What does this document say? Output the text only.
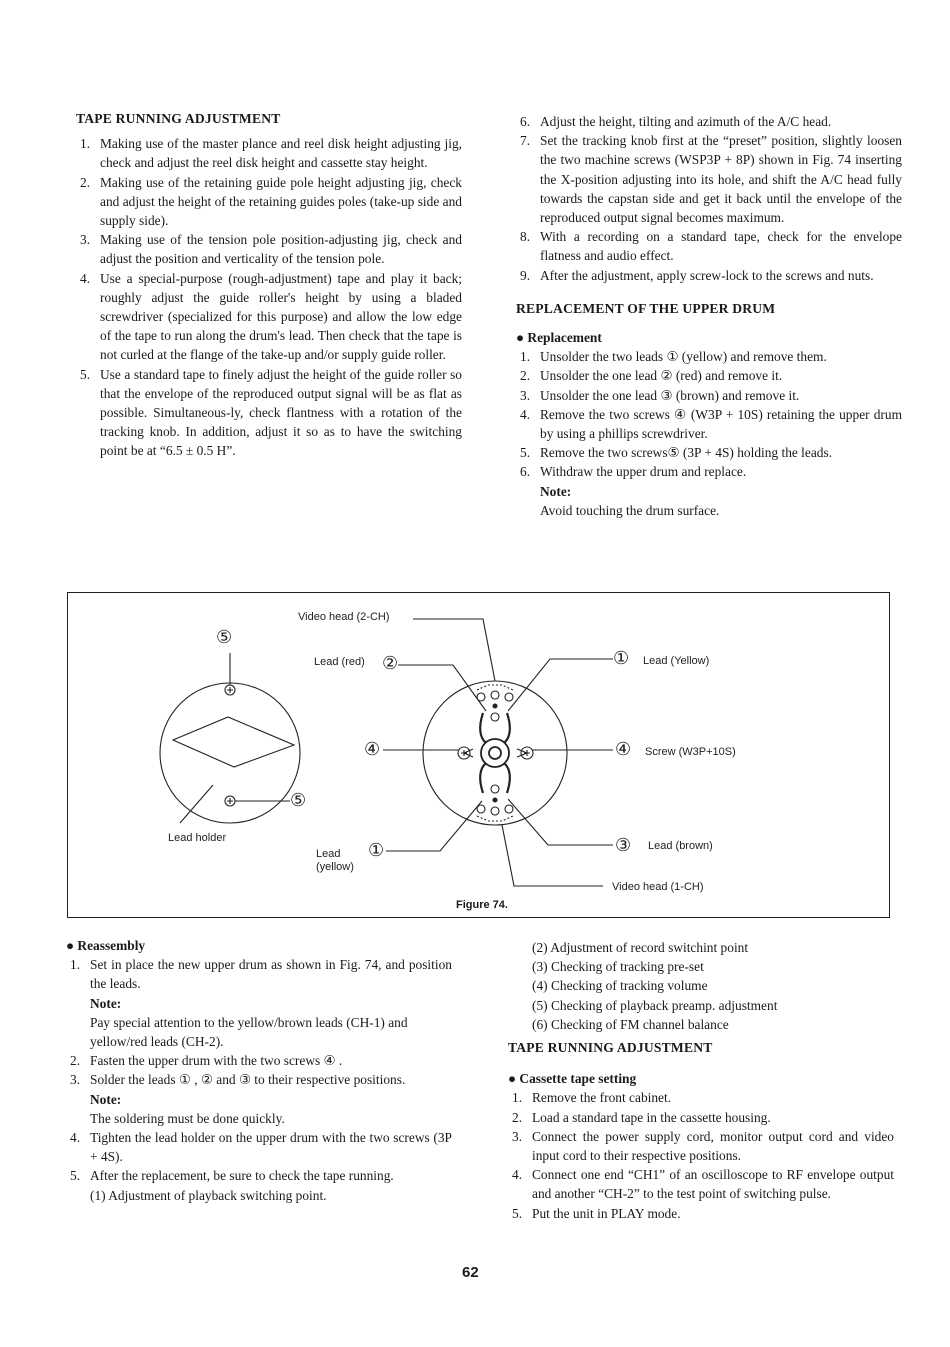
TAPE RUNNING ADJUSTMENT

1. Making use of the master plance and reel disk height adjusting jig, check and adjust the reel disk height and cassette stay height.
2. Making use of the retaining guide pole height adjusting jig, check and adjust the height of the retaining guides poles (take-up side and supply side).
3. Making use of the tension pole position-adjusting jig, check and adjust the position and verticality of the tension pole.
4. Use a special-purpose (rough-adjustment) tape and play it back; roughly adjust the guide roller's height by using a bladed screwdriver (specialized for this purpose) and allow the low edge of the tape to run along the drum's lead. Then check that the tape is not curled at the flange of the take-up and/or supply guide roller.
5. Use a standard tape to finely adjust the height of the guide roller so that the envelope of the reproduced output signal will be as flat as possible. Simultaneous-ly, check flantness with a rotation of the tracking knob. In addition, adjust it so as to have the switching point be at “6.5 ± 0.5 H”.
6. Adjust the height, tilting and azimuth of the A/C head.
7. Set the tracking knob first at the “preset” position, slightly loosen the two machine screws (WSP3P + 8P) shown in Fig. 74 inserting the X-position adjusting into its hole, and shift the A/C head fully towards the capstan side and get it back until the envelope of the reproduced output signal becomes maximum.
8. With a recording on a standard tape, check for the envelope flatness and audio effect.
9. After the adjustment, apply screw-lock to the screws and nuts.

REPLACEMENT OF THE UPPER DRUM

● Replacement

1. Unsolder the two leads ① (yellow) and remove them.
2. Unsolder the one lead ② (red) and remove it.
3. Unsolder the one lead ③ (brown) and remove it.
4. Remove the two screws ④ (W3P + 10S) retaining the upper drum by using a phillips screwdriver.
5. Remove the two screws⑤ (3P + 4S) holding the leads.
6. Withdraw the upper drum and replace.
Note:
Avoid touching the drum surface.
⑤
⑤
②	①
④	④
③
①
Video head (2-CH)
Lead (red)	Lead (Yellow)
Screw (W3P+10S)
Lead (brown)
Video head (1-CH)
Lead holder
Lead
(yellow)
Figure 74.

● Reassembly

1. Set in place the new upper drum as shown in Fig. 74, and position the leads.
Note:
Pay special attention to the yellow/brown leads (CH-1) and yellow/red leads (CH-2).
2. Fasten the upper drum with the two screws ④ .
3. Solder the leads ① , ② and ③ to their respective positions.
Note:
The soldering must be done quickly.
4. Tighten the lead holder on the upper drum with the two screws (3P + 4S).
5. After the replacement, be sure to check the tape running.
(1) Adjustment of playback switching point.
(2) Adjustment of record switchint point
(3) Checking of tracking pre-set
(4) Checking of tracking volume
(5) Checking of playback preamp. adjustment
(6) Checking of FM channel balance

TAPE RUNNING ADJUSTMENT

● Cassette tape setting

1. Remove the front cabinet.
2. Load a standard tape in the cassette housing.
3. Connect the power supply cord, monitor output cord and video input cord to their respective positions.
4. Connect one end “CH1” of an oscilloscope to RF envelope output and another “CH-2” to the test point of switching pulse.
5. Put the unit in PLAY mode.
62
